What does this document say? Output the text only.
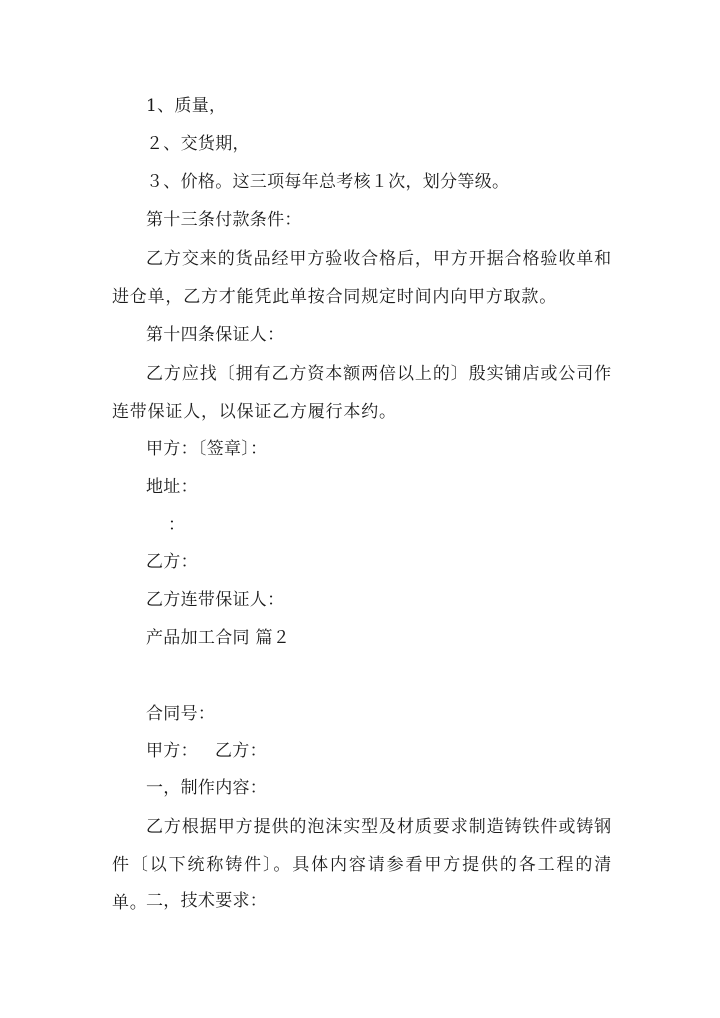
1、质量，
２、交货期，
３、价格。这三项每年总考核１次，划分等级。
第十三条付款条件：
乙方交来的货品经甲方验收合格后，甲方开据合格验收单和进仓单，乙方才能凭此单按合同规定时间内向甲方取款。
第十四条保证人：
乙方应找〔拥有乙方资本额两倍以上的〕殷实铺店或公司作连带保证人，以保证乙方履行本约。
甲方：〔签章〕：
地址：
：
乙方：
乙方连带保证人：
产品加工合同 篇２
合同号：
甲方：   乙方：
一，制作内容：
乙方根据甲方提供的泡沫实型及材质要求制造铸铁件或铸钢件〔以下统称铸件〕。具体内容请参看甲方提供的各工程的清单。
二，技术要求：
